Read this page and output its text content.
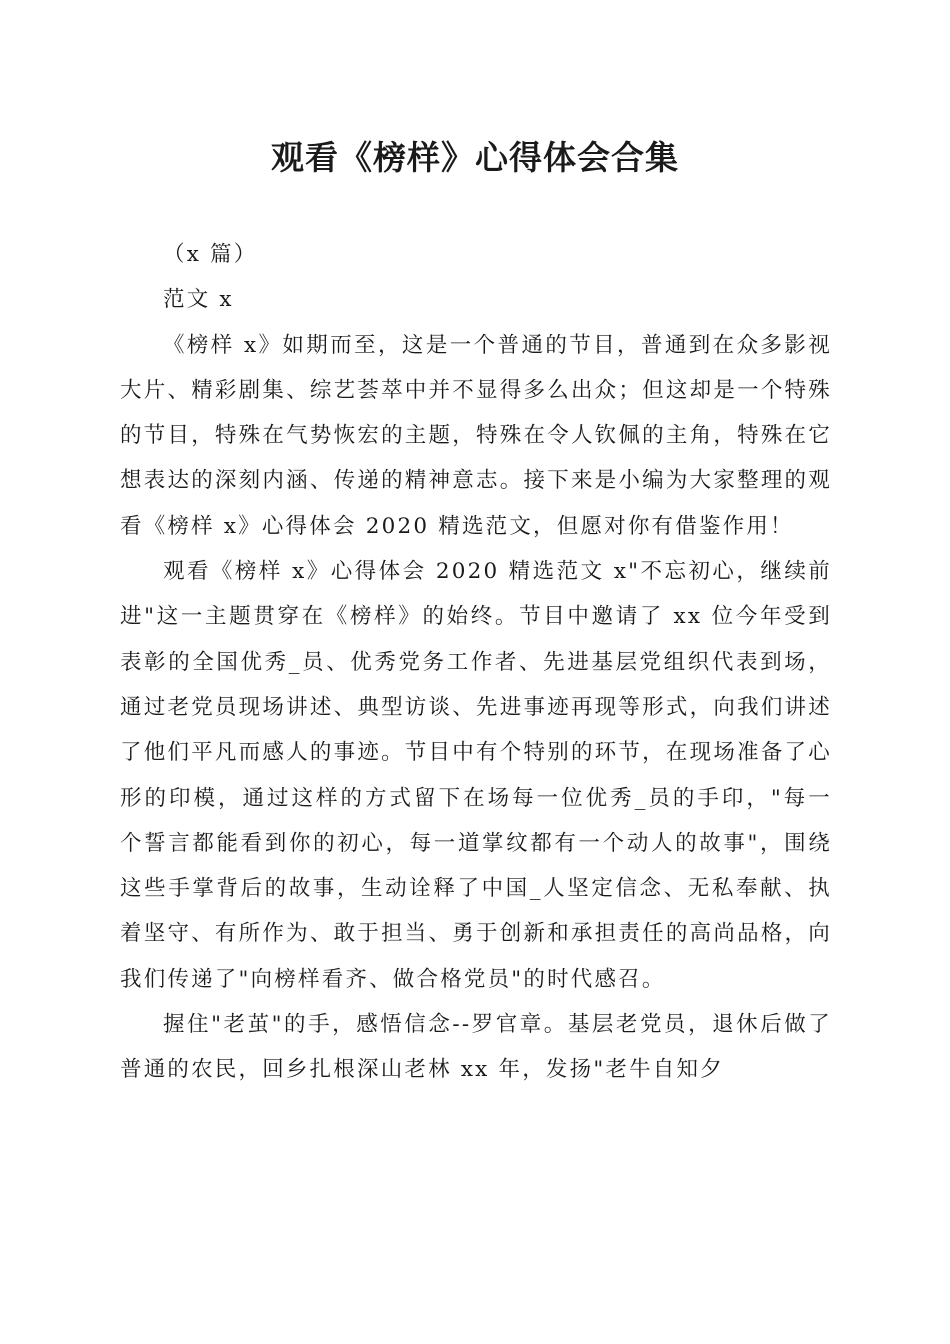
观看《榜样》心得体会合集

（x 篇）

范文 x

《榜样 x》如期而至，这是一个普通的节目，普通到在众多影视大片、精彩剧集、综艺荟萃中并不显得多么出众；但这却是一个特殊的节目，特殊在气势恢宏的主题，特殊在令人钦佩的主角，特殊在它想表达的深刻内涵、传递的精神意志。接下来是小编为大家整理的观看《榜样 x》心得体会 2020 精选范文，但愿对你有借鉴作用！

观看《榜样 x》心得体会 2020 精选范文 x"不忘初心，继续前进"这一主题贯穿在《榜样》的始终。节目中邀请了 xx 位今年受到表彰的全国优秀_员、优秀党务工作者、先进基层党组织代表到场，通过老党员现场讲述、典型访谈、先进事迹再现等形式，向我们讲述了他们平凡而感人的事迹。节目中有个特别的环节，在现场准备了心形的印模，通过这样的方式留下在场每一位优秀_员的手印，"每一个誓言都能看到你的初心，每一道掌纹都有一个动人的故事"，围绕这些手掌背后的故事，生动诠释了中国_人坚定信念、无私奉献、执着坚守、有所作为、敢于担当、勇于创新和承担责任的高尚品格，向我们传递了"向榜样看齐、做合格党员"的时代感召。

握住"老茧"的手，感悟信念--罗官章。基层老党员，退休后做了普通的农民，回乡扎根深山老林 xx 年，发扬"老牛自知夕
